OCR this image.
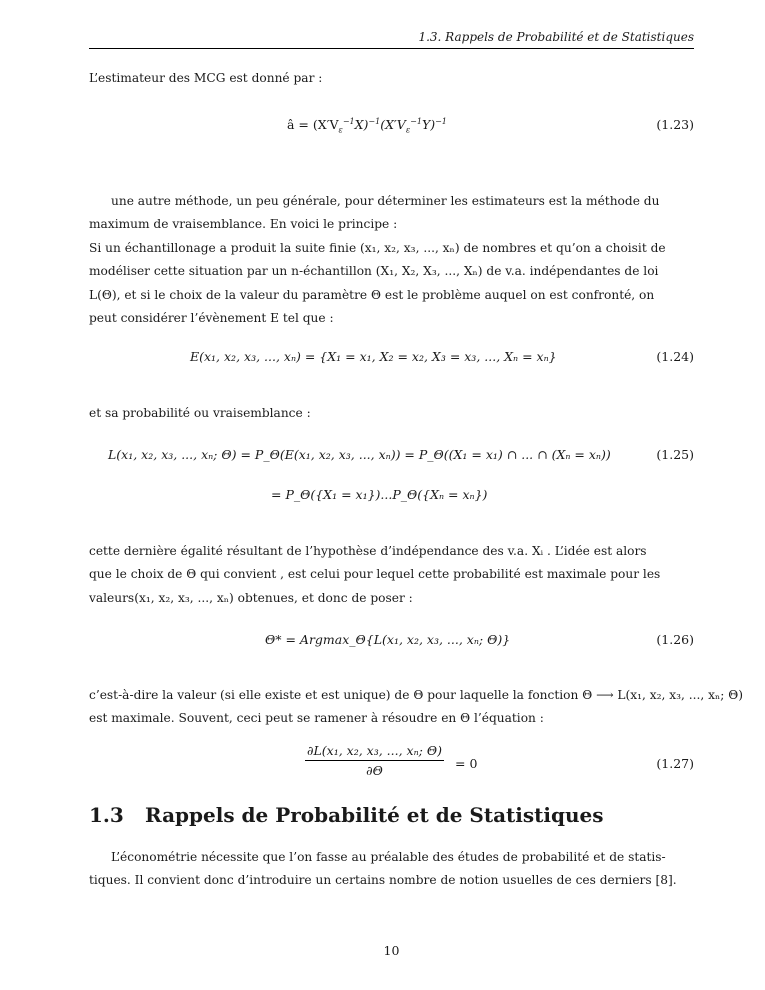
1.3. Rappels de Probabilité et de Statistiques
L’estimateur des MCG est donné par :
â = $(X'V_\varepsilon^{-1}X)^{-1}(X'V_\varepsilon^{-1}Y)^{-1}$	(1.23)
une autre méthode, un peu générale, pour déterminer les estimateurs est la méthode du
maximum de vraisemblance. En voici le principe :
Si un échantillonage a produit la suite finie (x₁, x₂, x₃, ..., xₙ) de nombres et qu’on a choisit de
modéliser cette situation par un n-échantillon (X₁, X₂, X₃, ..., Xₙ) de v.a. indépendantes de loi
L(Θ), et si le choix de la valeur du paramètre Θ est le problème auquel on est confronté, on
peut considérer l’évènement E tel que :
E(x₁, x₂, x₃, ..., xₙ) = {X₁ = x₁, X₂ = x₂, X₃ = x₃, ..., Xₙ = xₙ}	(1.24)
et sa probabilité ou vraisemblance :
L(x₁, x₂, x₃, ..., xₙ; Θ) = P_Θ(E(x₁, x₂, x₃, ..., xₙ)) = P_Θ((X₁ = x₁) ∩ ... ∩ (Xₙ = xₙ))	(1.25)
= P_Θ({X₁ = x₁})...P_Θ({Xₙ = xₙ})
cette dernière égalité résultant de l’hypothèse d’indépendance des v.a. Xᵢ . L’idée est alors
que le choix de Θ qui convient , est celui pour lequel cette probabilité est maximale pour les
valeurs(x₁, x₂, x₃, ..., xₙ) obtenues, et donc de poser :
Θ* = Argmax_Θ{L(x₁, x₂, x₃, ..., xₙ; Θ)}	(1.26)
c’est-à-dire la valeur (si elle existe et est unique) de Θ pour laquelle la fonction Θ ⟶ L(x₁, x₂, x₃, ..., xₙ; Θ)
est maximale. Souvent, ceci peut se ramener à résoudre en Θ l’équation :
$\frac{\text{∂L(x₁, x₂, x₃, ..., xₙ; Θ)}}{\partial\Theta} = 0$	(1.27)
1.3 Rappels de Probabilité et de Statistiques
L’économétrie nécessite que l’on fasse au préalable des études de probabilité et de statis-
tiques. Il convient donc d’introduire un certains nombre de notion usuelles de ces derniers [8].
10
